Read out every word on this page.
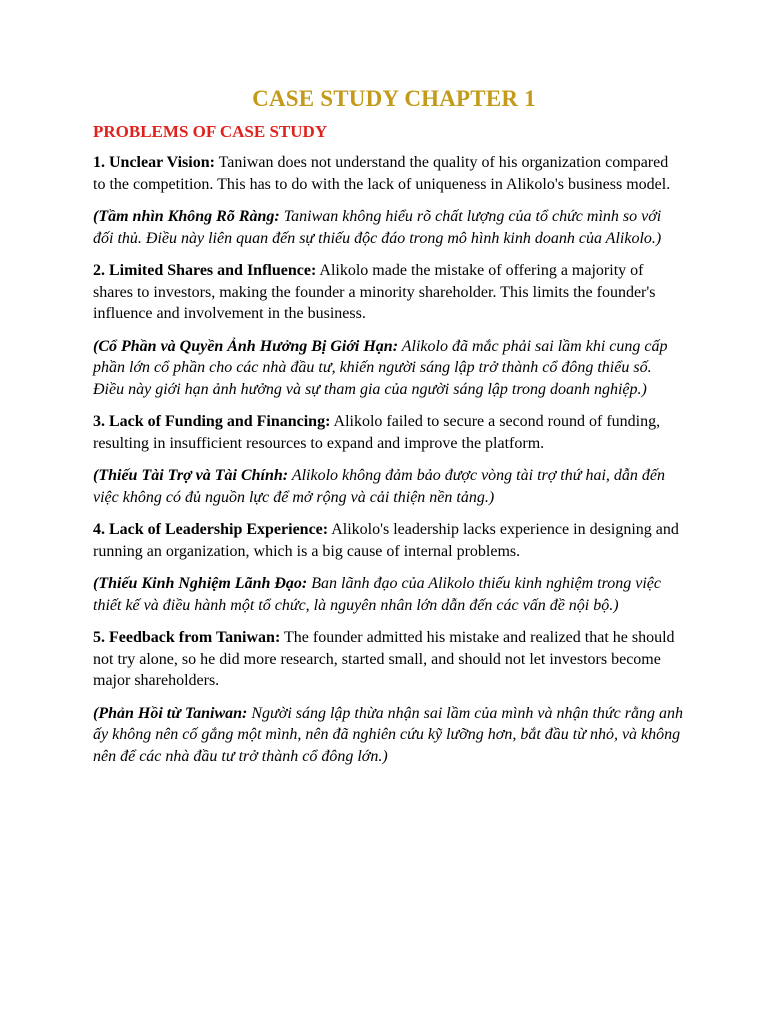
CASE STUDY CHAPTER 1
PROBLEMS OF CASE STUDY

1. Unclear Vision: Taniwan does not understand the quality of his organization compared to the competition. This has to do with the lack of uniqueness in Alikolo's business model.

(Tầm nhìn Không Rõ Ràng: Taniwan không hiểu rõ chất lượng của tổ chức mình so với đối thủ. Điều này liên quan đến sự thiếu độc đáo trong mô hình kinh doanh của Alikolo.)

2. Limited Shares and Influence: Alikolo made the mistake of offering a majority of shares to investors, making the founder a minority shareholder. This limits the founder's influence and involvement in the business.

(Cổ Phần và Quyền Ảnh Hưởng Bị Giới Hạn: Alikolo đã mắc phải sai lầm khi cung cấp phần lớn cổ phần cho các nhà đầu tư, khiến người sáng lập trở thành cổ đông thiểu số. Điều này giới hạn ảnh hưởng và sự tham gia của người sáng lập trong doanh nghiệp.)

3. Lack of Funding and Financing: Alikolo failed to secure a second round of funding, resulting in insufficient resources to expand and improve the platform.

(Thiếu Tài Trợ và Tài Chính: Alikolo không đảm bảo được vòng tài trợ thứ hai, dẫn đến việc không có đủ nguồn lực để mở rộng và cải thiện nền tảng.)

4. Lack of Leadership Experience: Alikolo's leadership lacks experience in designing and running an organization, which is a big cause of internal problems.

(Thiếu Kinh Nghiệm Lãnh Đạo: Ban lãnh đạo của Alikolo thiếu kinh nghiệm trong việc thiết kế và điều hành một tổ chức, là nguyên nhân lớn dẫn đến các vấn đề nội bộ.)

5. Feedback from Taniwan: The founder admitted his mistake and realized that he should not try alone, so he did more research, started small, and should not let investors become major shareholders.

(Phản Hồi từ Taniwan: Người sáng lập thừa nhận sai lầm của mình và nhận thức rằng anh ấy không nên cố gắng một mình, nên đã nghiên cứu kỹ lưỡng hơn, bắt đầu từ nhỏ, và không nên để các nhà đầu tư trở thành cổ đông lớn.)
